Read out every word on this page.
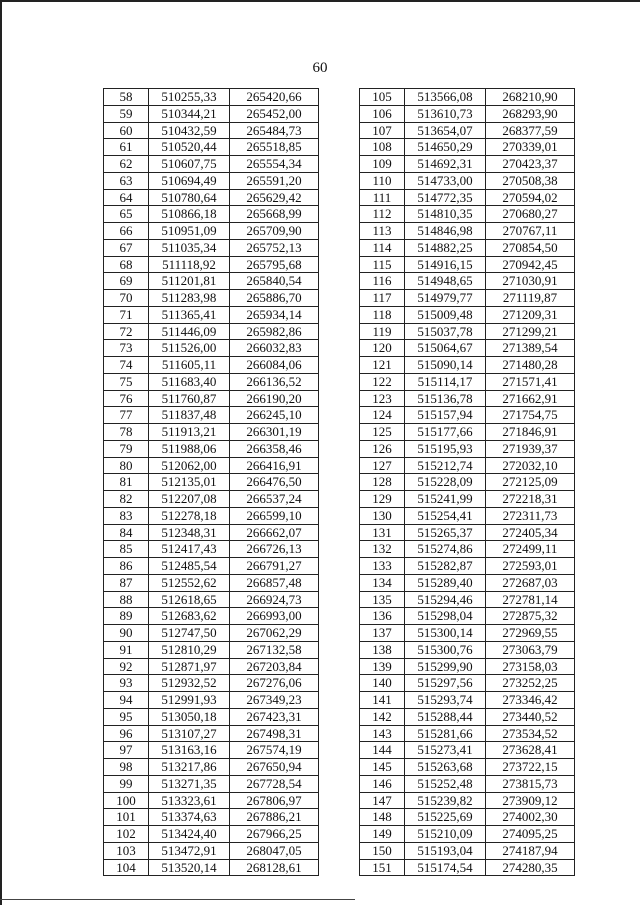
60
58	510255,33	265420,66
59	510344,21	265452,00
60	510432,59	265484,73
61	510520,44	265518,85
62	510607,75	265554,34
63	510694,49	265591,20
64	510780,64	265629,42
65	510866,18	265668,99
66	510951,09	265709,90
67	511035,34	265752,13
68	511118,92	265795,68
69	511201,81	265840,54
70	511283,98	265886,70
71	511365,41	265934,14
72	511446,09	265982,86
73	511526,00	266032,83
74	511605,11	266084,06
75	511683,40	266136,52
76	511760,87	266190,20
77	511837,48	266245,10
78	511913,21	266301,19
79	511988,06	266358,46
80	512062,00	266416,91
81	512135,01	266476,50
82	512207,08	266537,24
83	512278,18	266599,10
84	512348,31	266662,07
85	512417,43	266726,13
86	512485,54	266791,27
87	512552,62	266857,48
88	512618,65	266924,73
89	512683,62	266993,00
90	512747,50	267062,29
91	512810,29	267132,58
92	512871,97	267203,84
93	512932,52	267276,06
94	512991,93	267349,23
95	513050,18	267423,31
96	513107,27	267498,31
97	513163,16	267574,19
98	513217,86	267650,94
99	513271,35	267728,54
100	513323,61	267806,97
101	513374,63	267886,21
102	513424,40	267966,25
103	513472,91	268047,05
104	513520,14	268128,61
105	513566,08	268210,90
106	513610,73	268293,90
107	513654,07	268377,59
108	514650,29	270339,01
109	514692,31	270423,37
110	514733,00	270508,38
111	514772,35	270594,02
112	514810,35	270680,27
113	514846,98	270767,11
114	514882,25	270854,50
115	514916,15	270942,45
116	514948,65	271030,91
117	514979,77	271119,87
118	515009,48	271209,31
119	515037,78	271299,21
120	515064,67	271389,54
121	515090,14	271480,28
122	515114,17	271571,41
123	515136,78	271662,91
124	515157,94	271754,75
125	515177,66	271846,91
126	515195,93	271939,37
127	515212,74	272032,10
128	515228,09	272125,09
129	515241,99	272218,31
130	515254,41	272311,73
131	515265,37	272405,34
132	515274,86	272499,11
133	515282,87	272593,01
134	515289,40	272687,03
135	515294,46	272781,14
136	515298,04	272875,32
137	515300,14	272969,55
138	515300,76	273063,79
139	515299,90	273158,03
140	515297,56	273252,25
141	515293,74	273346,42
142	515288,44	273440,52
143	515281,66	273534,52
144	515273,41	273628,41
145	515263,68	273722,15
146	515252,48	273815,73
147	515239,82	273909,12
148	515225,69	274002,30
149	515210,09	274095,25
150	515193,04	274187,94
151	515174,54	274280,35
